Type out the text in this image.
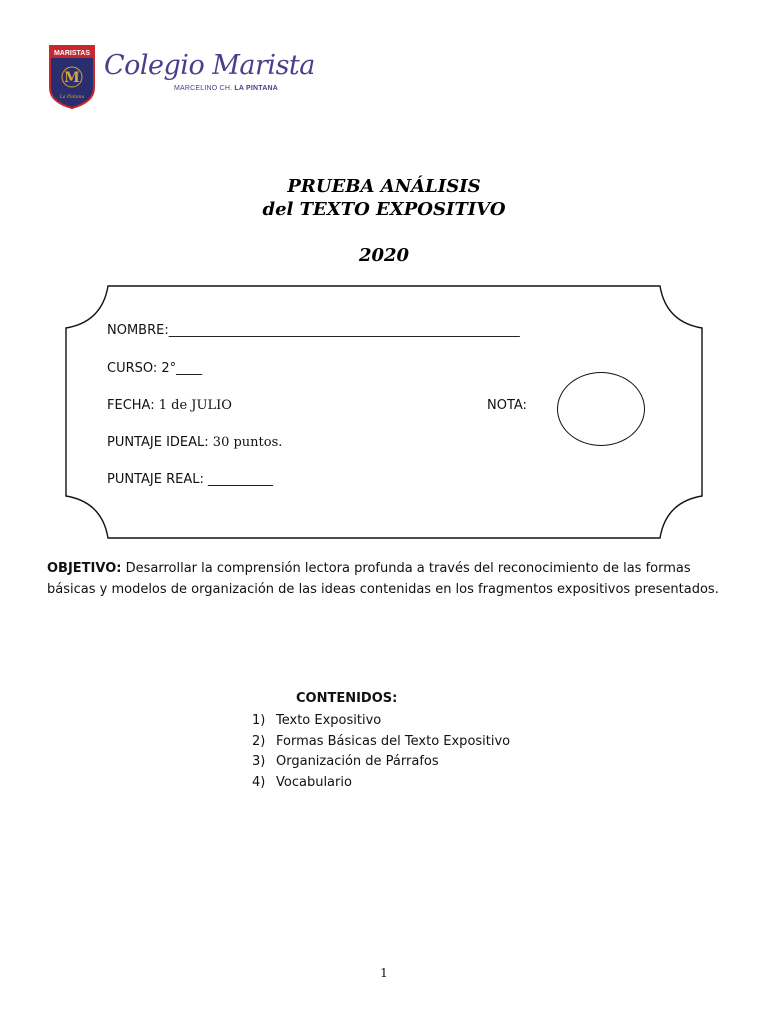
MARISTAS
M
La Pintana
Colegio Marista
MARCELINO CH. LA PINTANA
PRUEBA ANÁLISIS
del TEXTO EXPOSITIVO
2020
NOMBRE:______________________________________________________
CURSO: 2°____
FECHA: 1 de JULIO	NOTA:
PUNTAJE IDEAL: 30 puntos.
PUNTAJE REAL: __________
OBJETIVO: Desarrollar la comprensión lectora profunda a través del reconocimiento de las formas básicas y modelos de organización de las ideas contenidas en los fragmentos expositivos presentados.
CONTENIDOS:
1) Texto Expositivo
2) Formas Básicas del Texto Expositivo
3) Organización de Párrafos
4) Vocabulario
1
